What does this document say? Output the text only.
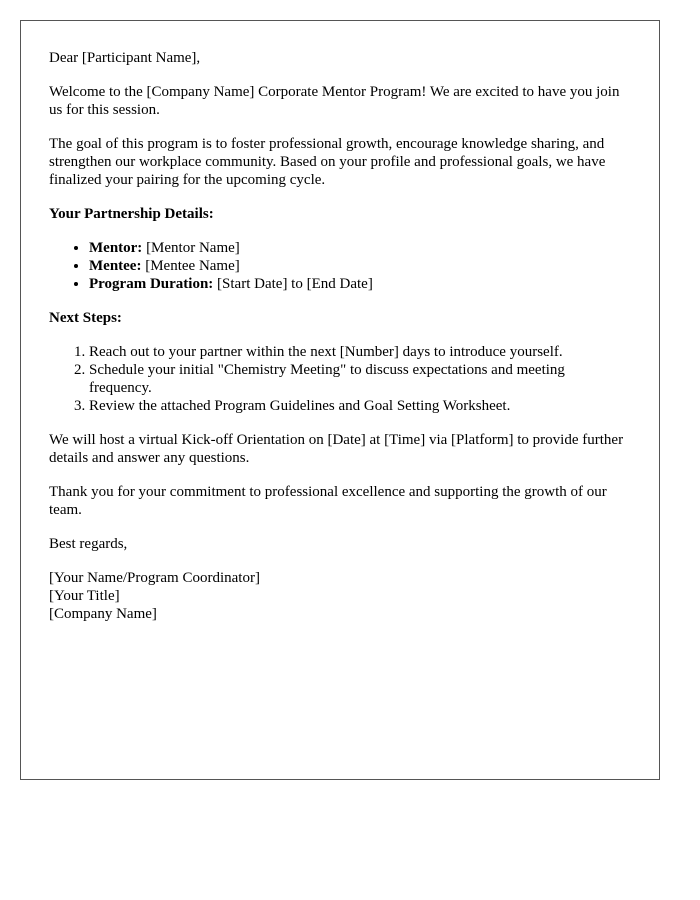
Dear [Participant Name],

Welcome to the [Company Name] Corporate Mentor Program! We are excited to have you join us for this session.

The goal of this program is to foster professional growth, encourage knowledge sharing, and strengthen our workplace community. Based on your profile and professional goals, we have finalized your pairing for the upcoming cycle.

Your Partnership Details:

• Mentor: [Mentor Name]
• Mentee: [Mentee Name]
• Program Duration: [Start Date] to [End Date]

Next Steps:

1. Reach out to your partner within the next [Number] days to introduce yourself.
2. Schedule your initial "Chemistry Meeting" to discuss expectations and meeting frequency.
3. Review the attached Program Guidelines and Goal Setting Worksheet.

We will host a virtual Kick-off Orientation on [Date] at [Time] via [Platform] to provide further details and answer any questions.

Thank you for your commitment to professional excellence and supporting the growth of our team.

Best regards,

[Your Name/Program Coordinator]
[Your Title]
[Company Name]
